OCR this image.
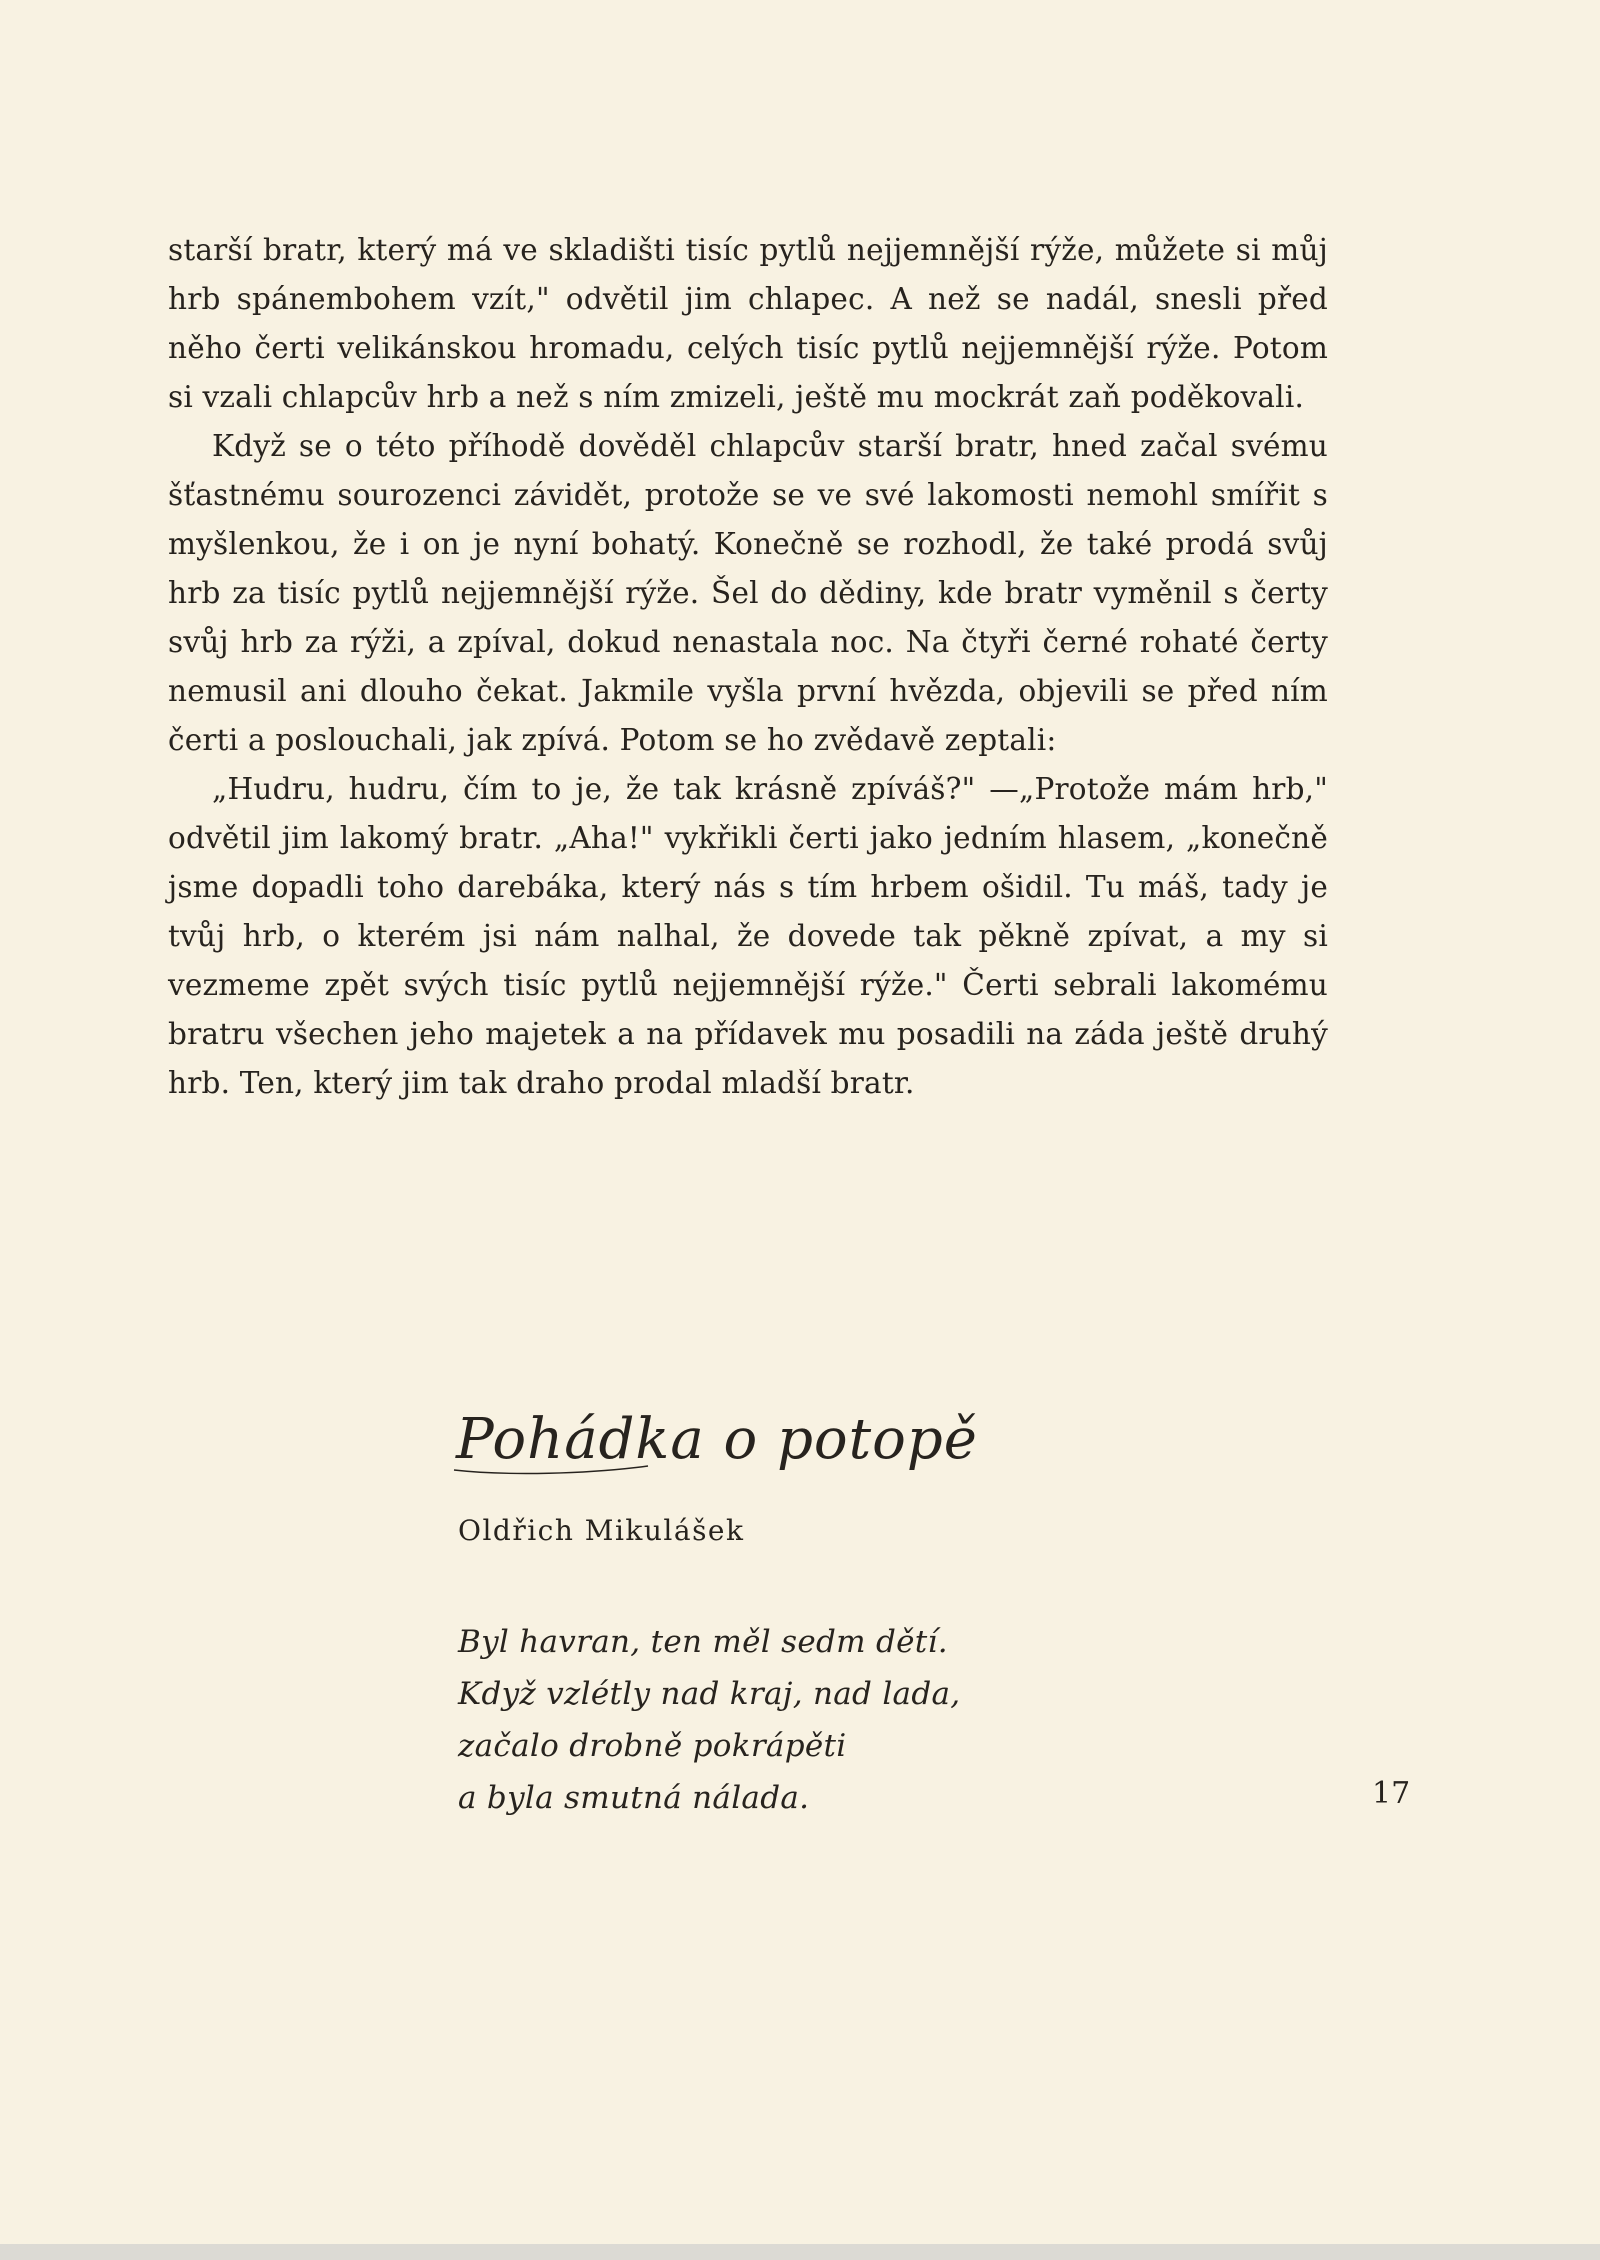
starší bratr, který má ve skladišti tisíc pytlů nejjemnější rýže, můžete si můj hrb spánembohem vzít," odvětil jim chlapec. A než se nadál, snesli před něho čerti velikánskou hromadu, celých tisíc pytlů nejjemnější rýže. Potom si vzali chlapcův hrb a než s ním zmizeli, ještě mu mockrát zaň poděkovali.

Když se o této příhodě dověděl chlapcův starší bratr, hned začal svému šťastnému sourozenci závidět, protože se ve své lakomosti nemohl smířit s myšlenkou, že i on je nyní bohatý. Konečně se rozhodl, že také prodá svůj hrb za tisíc pytlů nejjemnější rýže. Šel do dědiny, kde bratr vyměnil s čerty svůj hrb za rýži, a zpíval, dokud nenastala noc. Na čtyři černé rohaté čerty nemusil ani dlouho čekat. Jakmile vyšla první hvězda, objevili se před ním čerti a poslouchali, jak zpívá. Potom se ho zvědavě zeptali:

„Hudru, hudru, čím to je, že tak krásně zpíváš?" —„Protože mám hrb," odvětil jim lakomý bratr. „Aha!" vykřikli čerti jako jedním hlasem, „konečně jsme dopadli toho darebáka, který nás s tím hrbem ošidil. Tu máš, tady je tvůj hrb, o kterém jsi nám nalhal, že dovede tak pěkně zpívat, a my si vezmeme zpět svých tisíc pytlů nejjemnější rýže." Čerti sebrali lakomému bratru všechen jeho majetek a na přídavek mu posadili na záda ještě druhý hrb. Ten, který jim tak draho prodal mladší bratr.

Pohádka o potopě
Oldřich Mikulášek
Byl havran, ten měl sedm dětí.
Když vzlétly nad kraj, nad lada,
začalo drobně pokrápěti
a byla smutná nálada.	17
